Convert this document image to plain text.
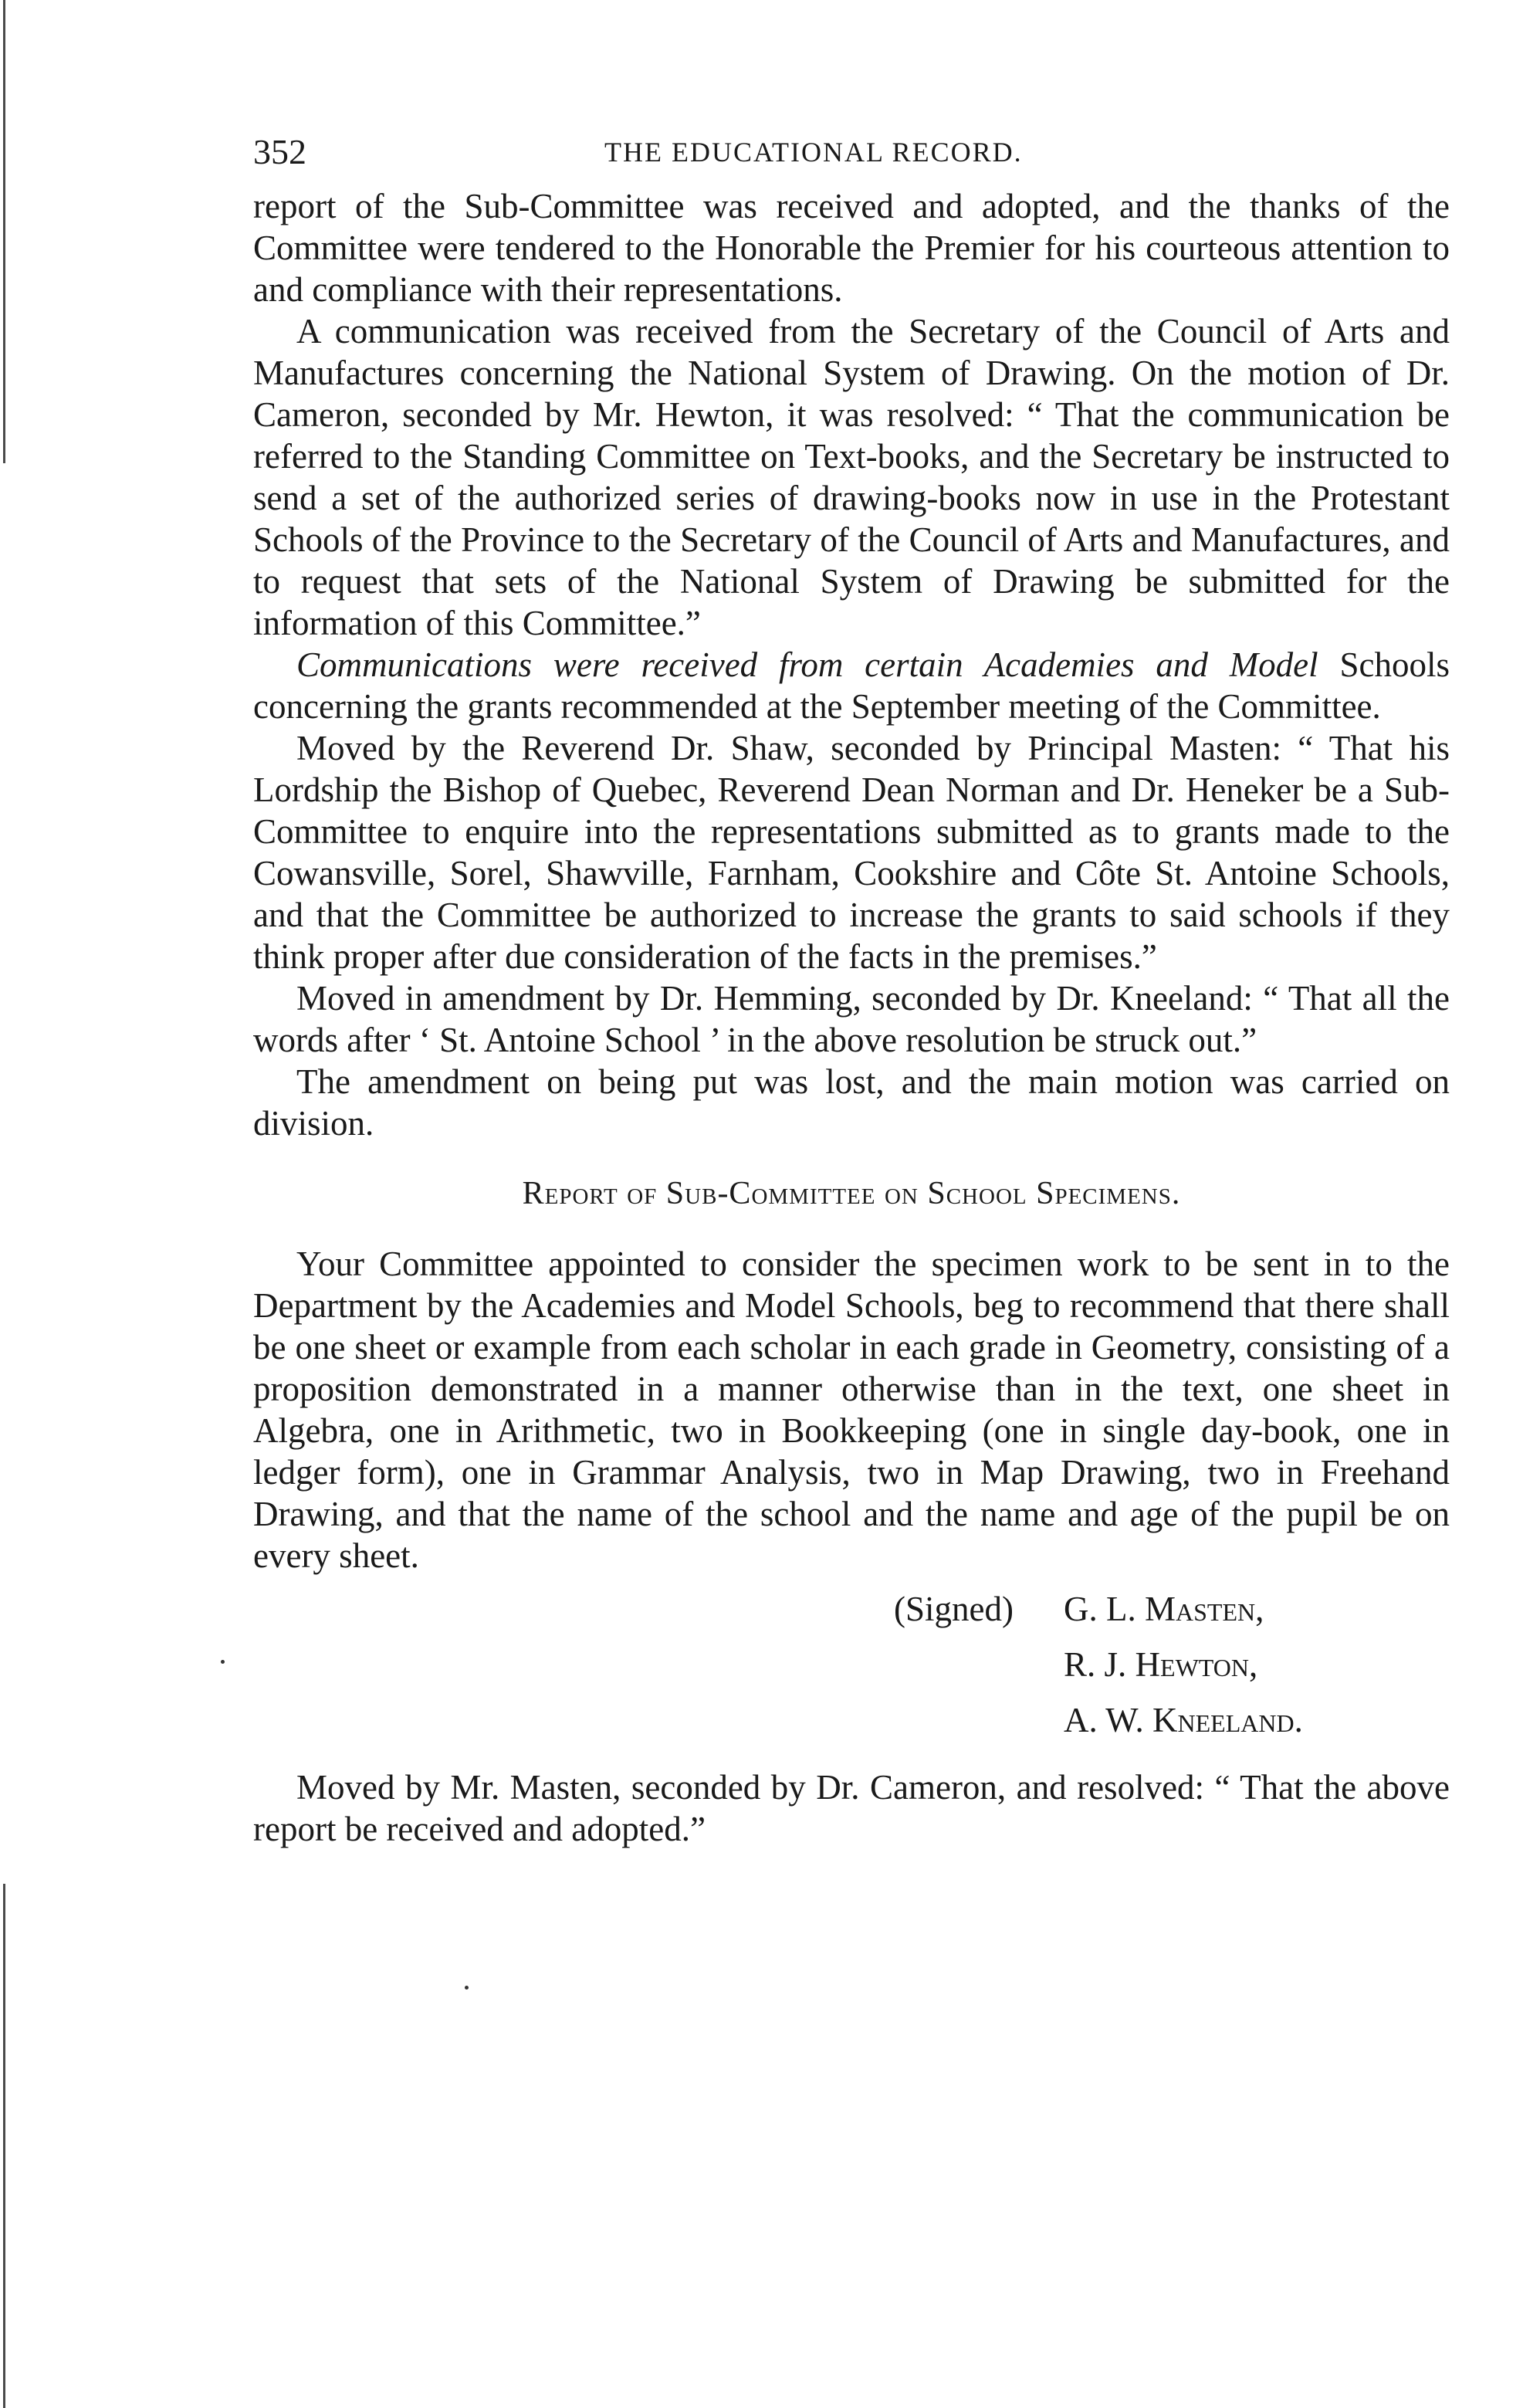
352	THE EDUCATIONAL RECORD.

report of the Sub-Committee was received and adopted, and the thanks of the Committee were tendered to the Honorable the Premier for his courteous attention to and compliance with their representations.

A communication was received from the Secretary of the Council of Arts and Manufactures concerning the National System of Drawing. On the motion of Dr. Cameron, seconded by Mr. Hewton, it was resolved: “ That the communication be referred to the Standing Committee on Text-books, and the Secretary be instructed to send a set of the authorized series of drawing-books now in use in the Protestant Schools of the Province to the Secretary of the Council of Arts and Manufactures, and to request that sets of the National System of Drawing be submitted for the information of this Committee.”

Communications were received from certain Academies and Model Schools concerning the grants recommended at the September meeting of the Committee.

Moved by the Reverend Dr. Shaw, seconded by Principal Masten: “ That his Lordship the Bishop of Quebec, Reverend Dean Norman and Dr. Heneker be a Sub-Committee to enquire into the representations submitted as to grants made to the Cowansville, Sorel, Shawville, Farnham, Cookshire and Côte St. Antoine Schools, and that the Committee be authorized to increase the grants to said schools if they think proper after due consideration of the facts in the premises.”

Moved in amendment by Dr. Hemming, seconded by Dr. Kneeland: “ That all the words after ‘ St. Antoine School ’ in the above resolution be struck out.”

The amendment on being put was lost, and the main motion was carried on division.

Report of Sub-Committee on School Specimens.

Your Committee appointed to consider the specimen work to be sent in to the Department by the Academies and Model Schools, beg to recommend that there shall be one sheet or example from each scholar in each grade in Geometry, consisting of a proposition demonstrated in a manner otherwise than in the text, one sheet in Algebra, one in Arithmetic, two in Bookkeeping (one in single day-book, one in ledger form), one in Grammar Analysis, two in Map Drawing, two in Freehand Drawing, and that the name of the school and the name and age of the pupil be on every sheet.

(Signed) G. L. Masten,
R. J. Hewton,
A. W. Kneeland.

Moved by Mr. Masten, seconded by Dr. Cameron, and resolved: “ That the above report be received and adopted.”
